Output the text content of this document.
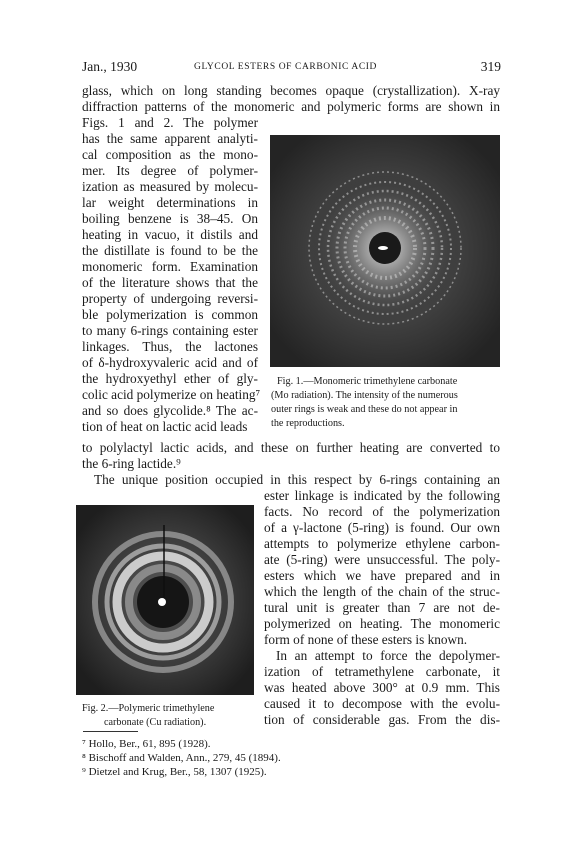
Jan., 1930	GLYCOL ESTERS OF CARBONIC ACID	319
glass, which on long standing becomes opaque (crystallization). X-ray
diffraction patterns of the monomeric and polymeric forms are shown in
Figs. 1 and 2. The polymer
has the same apparent analyti-
cal composition as the mono-
mer. Its degree of polymer-
ization as measured by molecu-
lar weight determinations in
boiling benzene is 38–45. On
heating in vacuo, it distils and
the distillate is found to be the
monomeric form. Examination
of the literature shows that the
property of undergoing reversi-
ble polymerization is common
to many 6-rings containing ester
linkages. Thus, the lactones
of δ-hydroxyvaleric acid and of
the hydroxyethyl ether of gly-
colic acid polymerize on heating⁷
and so does glycolide.⁸ The ac-
tion of heat on lactic acid leads
Fig. 1.—Monomeric trimethylene carbonate
(Mo radiation). The intensity of the numerous
outer rings is weak and these do not appear in
the reproductions.
to polylactyl lactic acids, and these on further heating are converted to
the 6-ring lactide.⁹
The unique position occupied in this respect by 6-rings containing an
ester linkage is indicated by the following
facts. No record of the polymerization
of a γ-lactone (5-ring) is found. Our own
attempts to polymerize ethylene carbon-
ate (5-ring) were unsuccessful. The poly-
esters which we have prepared and in
which the length of the chain of the struc-
tural unit is greater than 7 are not de-
polymerized on heating. The monomeric
form of none of these esters is known.
In an attempt to force the depolymer-
ization of tetramethylene carbonate, it
was heated above 300° at 0.9 mm. This
caused it to decompose with the evolu-
tion of considerable gas. From the dis-
Fig. 2.—Polymeric trimethylene
carbonate (Cu radiation).
⁷ Hollo, Ber., 61, 895 (1928).
⁸ Bischoff and Walden, Ann., 279, 45 (1894).
⁹ Dietzel and Krug, Ber., 58, 1307 (1925).
